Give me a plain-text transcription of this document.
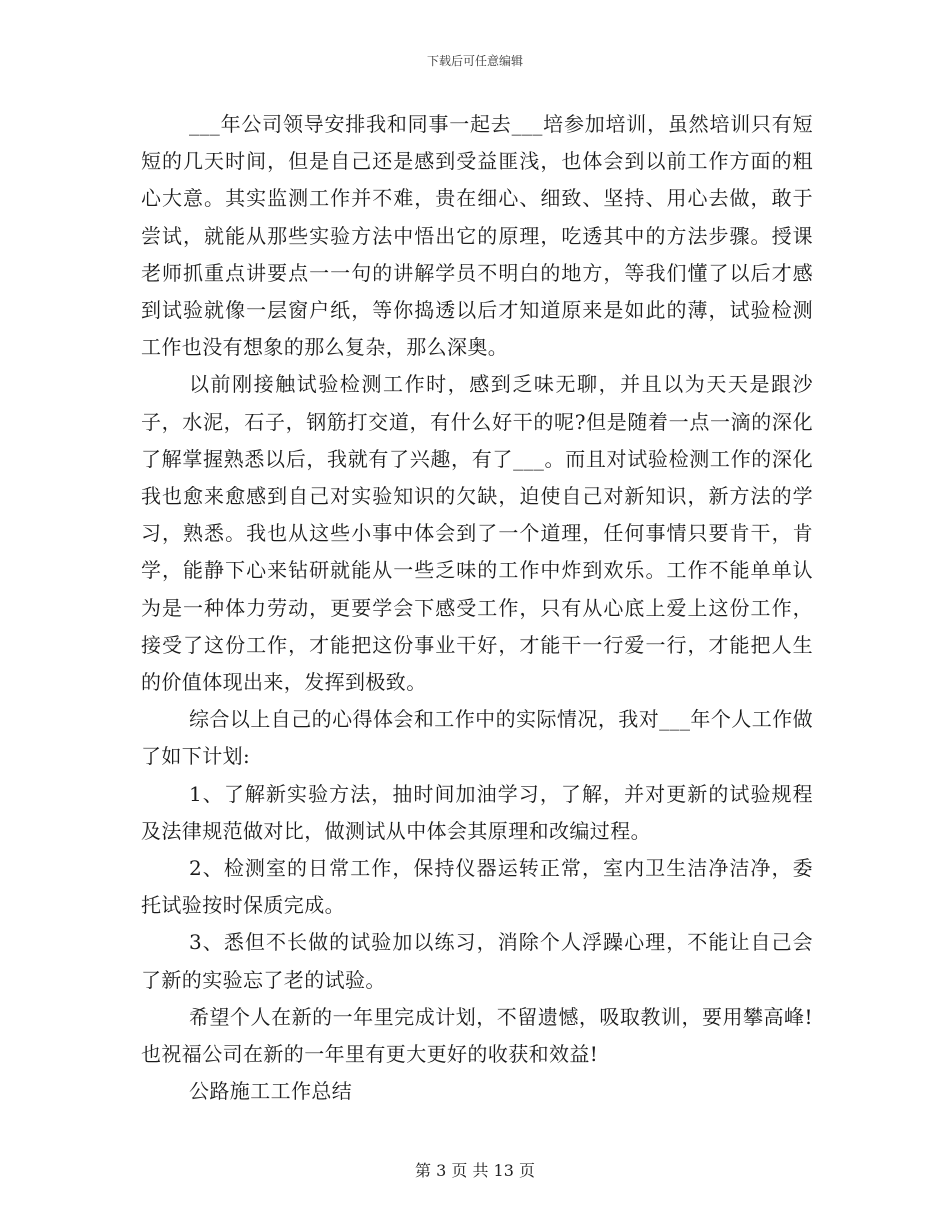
下载后可任意编辑

___年公司领导安排我和同事一起去___培参加培训，虽然培训只有短短的几天时间，但是自己还是感到受益匪浅，也体会到以前工作方面的粗心大意。其实监测工作并不难，贵在细心、细致、坚持、用心去做，敢于尝试，就能从那些实验方法中悟出它的原理，吃透其中的方法步骤。授课老师抓重点讲要点一一句的讲解学员不明白的地方，等我们懂了以后才感到试验就像一层窗户纸，等你捣透以后才知道原来是如此的薄，试验检测工作也没有想象的那么复杂，那么深奥。

以前刚接触试验检测工作时，感到乏味无聊，并且以为天天是跟沙子，水泥，石子，钢筋打交道，有什么好干的呢?但是随着一点一滴的深化了解掌握熟悉以后，我就有了兴趣，有了___。而且对试验检测工作的深化我也愈来愈感到自己对实验知识的欠缺，迫使自己对新知识，新方法的学习，熟悉。我也从这些小事中体会到了一个道理，任何事情只要肯干，肯学，能静下心来钻研就能从一些乏味的工作中炸到欢乐。工作不能单单认为是一种体力劳动，更要学会下感受工作，只有从心底上爱上这份工作，接受了这份工作，才能把这份事业干好，才能干一行爱一行，才能把人生的价值体现出来，发挥到极致。

综合以上自己的心得体会和工作中的实际情况，我对___年个人工作做了如下计划:

1、了解新实验方法，抽时间加油学习，了解，并对更新的试验规程及法律规范做对比，做测试从中体会其原理和改编过程。

2、检测室的日常工作，保持仪器运转正常，室内卫生洁净洁净，委托试验按时保质完成。

3、悉但不长做的试验加以练习，消除个人浮躁心理，不能让自己会了新的实验忘了老的试验。

希望个人在新的一年里完成计划，不留遗憾，吸取教训，要用攀高峰!也祝福公司在新的一年里有更大更好的收获和效益!

公路施工工作总结

第 3 页 共 13 页
